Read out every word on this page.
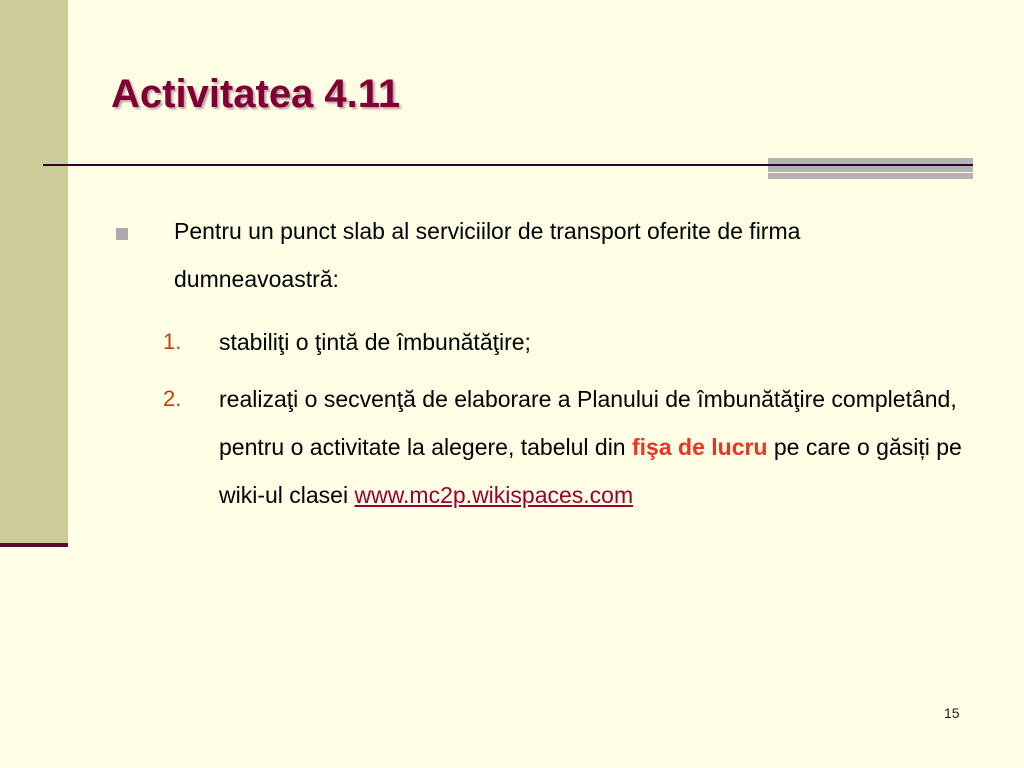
Activitatea 4.11
Pentru un punct slab al serviciilor de transport oferite de firma dumneavoastră:
1. stabiliţi o ţintă de îmbunătăţire;
2. realizaţi o secvenţă de elaborare a Planului de îmbunătăţire completând, pentru o activitate la alegere, tabelul din fişa de lucru pe care o găsiți pe wiki-ul clasei www.mc2p.wikispaces.com
15
